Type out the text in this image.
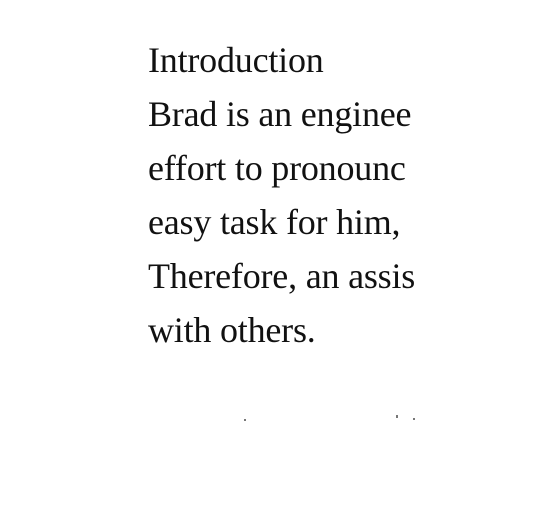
Introduction
Brad is an enginee
effort to pronounc
easy task for him,
Therefore, an assis
with others.
